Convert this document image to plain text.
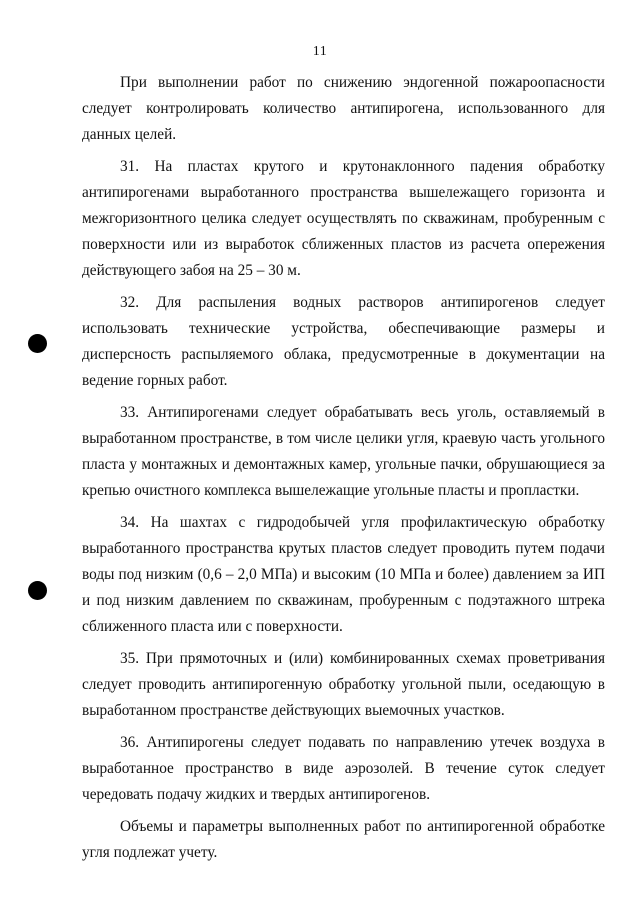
11

При выполнении работ по снижению эндогенной пожароопасности следует контролировать количество антипирогена, использованного для данных целей.

31. На пластах крутого и крутонаклонного падения обработку антипирогенами выработанного пространства вышележащего горизонта и межгоризонтного целика следует осуществлять по скважинам, пробуренным с поверхности или из выработок сближенных пластов из расчета опережения действующего забоя на 25 – 30 м.

32. Для распыления водных растворов антипирогенов следует использовать технические устройства, обеспечивающие размеры и дисперсность распыляемого облака, предусмотренные в документации на ведение горных работ.

33. Антипирогенами следует обрабатывать весь уголь, оставляемый в выработанном пространстве, в том числе целики угля, краевую часть угольного пласта у монтажных и демонтажных камер, угольные пачки, обрушающиеся за крепью очистного комплекса вышележащие угольные пласты и пропластки.

34. На шахтах с гидродобычей угля профилактическую обработку выработанного пространства крутых пластов следует проводить путем подачи воды под низким (0,6 – 2,0 МПа) и высоким (10 МПа и более) давлением за ИП и под низким давлением по скважинам, пробуренным с подэтажного штрека сближенного пласта или с поверхности.

35. При прямоточных и (или) комбинированных схемах проветривания следует проводить антипирогенную обработку угольной пыли, оседающую в выработанном пространстве действующих выемочных участков.

36. Антипирогены следует подавать по направлению утечек воздуха в выработанное пространство в виде аэрозолей. В течение суток следует чередовать подачу жидких и твердых антипирогенов.

Объемы и параметры выполненных работ по антипирогенной обработке угля подлежат учету.
